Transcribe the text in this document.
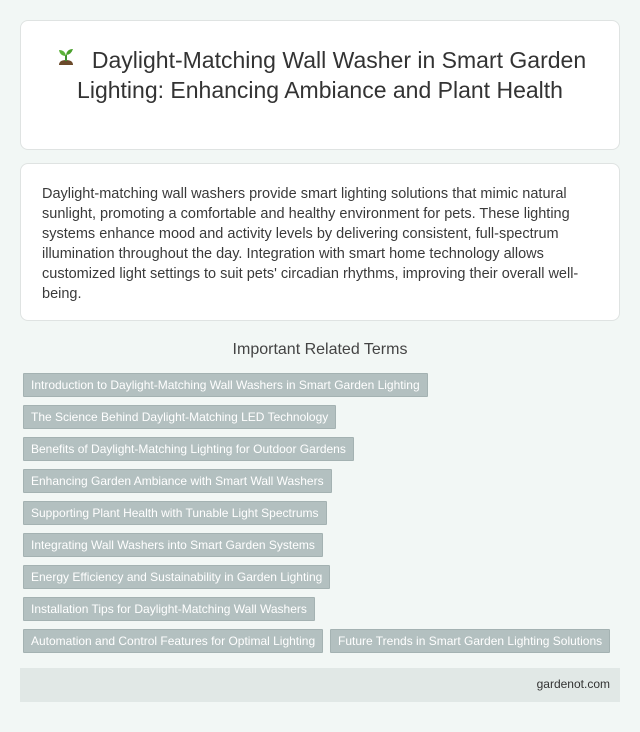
Daylight-Matching Wall Washer in Smart Garden Lighting: Enhancing Ambiance and Plant Health

Daylight-matching wall washers provide smart lighting solutions that mimic natural sunlight, promoting a comfortable and healthy environment for pets. These lighting systems enhance mood and activity levels by delivering consistent, full-spectrum illumination throughout the day. Integration with smart home technology allows customized light settings to suit pets' circadian rhythms, improving their overall well-being.

Important Related Terms
Introduction to Daylight-Matching Wall Washers in Smart Garden Lighting
The Science Behind Daylight-Matching LED Technology
Benefits of Daylight-Matching Lighting for Outdoor Gardens
Enhancing Garden Ambiance with Smart Wall Washers
Supporting Plant Health with Tunable Light Spectrums
Integrating Wall Washers into Smart Garden Systems
Energy Efficiency and Sustainability in Garden Lighting
Installation Tips for Daylight-Matching Wall Washers
Automation and Control Features for Optimal Lighting	Future Trends in Smart Garden Lighting Solutions
gardenot.com
